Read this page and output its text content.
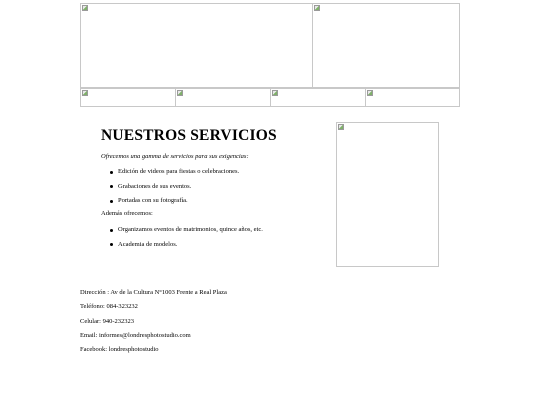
NUESTROS SERVICIOS

Ofrecemos una gamma de servicios para sus exigencias:

Edición de videos para fiestas o celebraciones.
Grabaciones de sus eventos.
Portadas con su fotografía.

Además ofrecemos:

Organizamos eventos de matrimonios, quince años, etc.
Academia de modelos.

Dirección : Av de la Cultura N°1003 Frente a Real Plaza

Teléfono: 084-323232

Celular: 940-232323

Email: informes@londresphotostudio.com

Facebook: londresphotostudio
